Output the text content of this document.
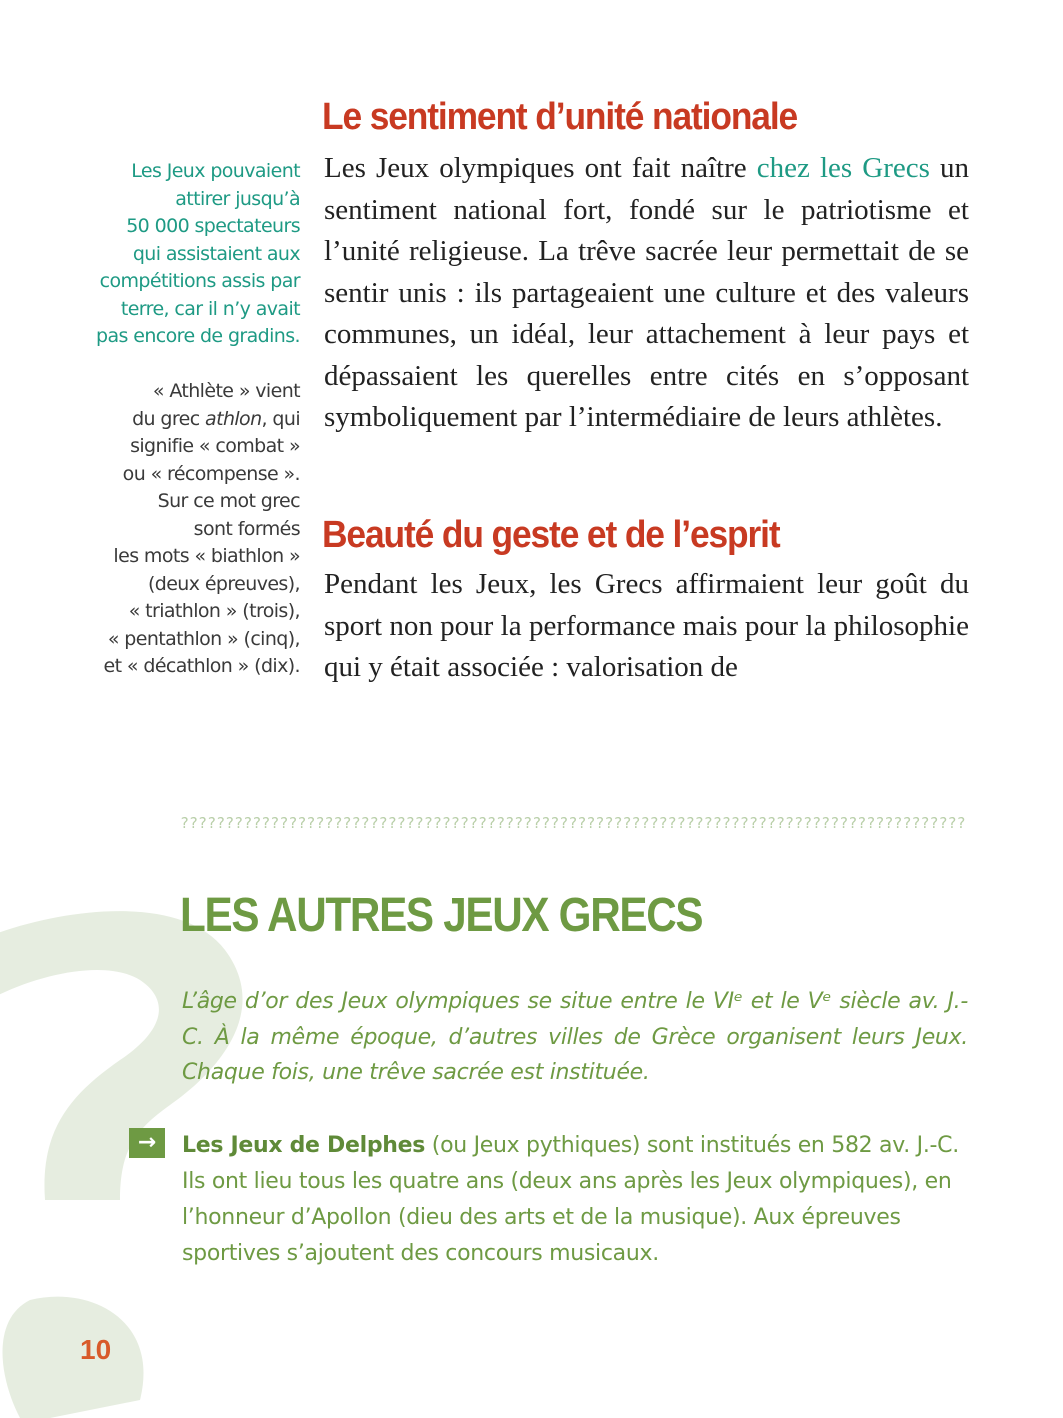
Les Jeux pouvaient

attirer jusqu’à

50 000 spectateurs

qui assistaient aux

compétitions assis par

terre, car il n’y avait

pas encore de gradins.

« Athlète » vient

du grec athlon, qui

signifie « combat »

ou « récompense ».

Sur ce mot grec

sont formés

les mots « biathlon »

(deux épreuves),

« triathlon » (trois),

« pentathlon » (cinq),

et « décathlon » (dix).

Le sentiment d’unité nationale

Les Jeux olympiques ont fait naître chez les Grecs un sentiment national fort, fondé sur le patriotisme et l’unité religieuse. La trêve sacrée leur permettait de se sentir unis : ils partageaient une culture et des valeurs communes, un idéal, leur attachement à leur pays et dépassaient les querelles entre cités en s’opposant symboliquement par l’intermédiaire de leurs athlètes.

Beauté du geste et de l’esprit

Pendant les Jeux, les Grecs affirmaient leur goût du sport non pour la performance mais pour la philosophie qui y était associée : valorisation de

???????????????????????????????????????????????????????????????????????????????????????
LES AUTRES JEUX GRECS

L’âge d’or des Jeux olympiques se situe entre le VIᵉ et le Vᵉ siècle av. J.-C. À la même époque, d’autres villes de Grèce organisent leurs Jeux. Chaque fois, une trêve sacrée est instituée.

→	Les Jeux de Delphes (ou Jeux pythiques) sont institués en 582 av. J.-C. Ils ont lieu tous les quatre ans (deux ans après les Jeux olympiques), en l’honneur d’Apollon (dieu des arts et de la musique). Aux épreuves sportives s’ajoutent des concours musicaux.

10
